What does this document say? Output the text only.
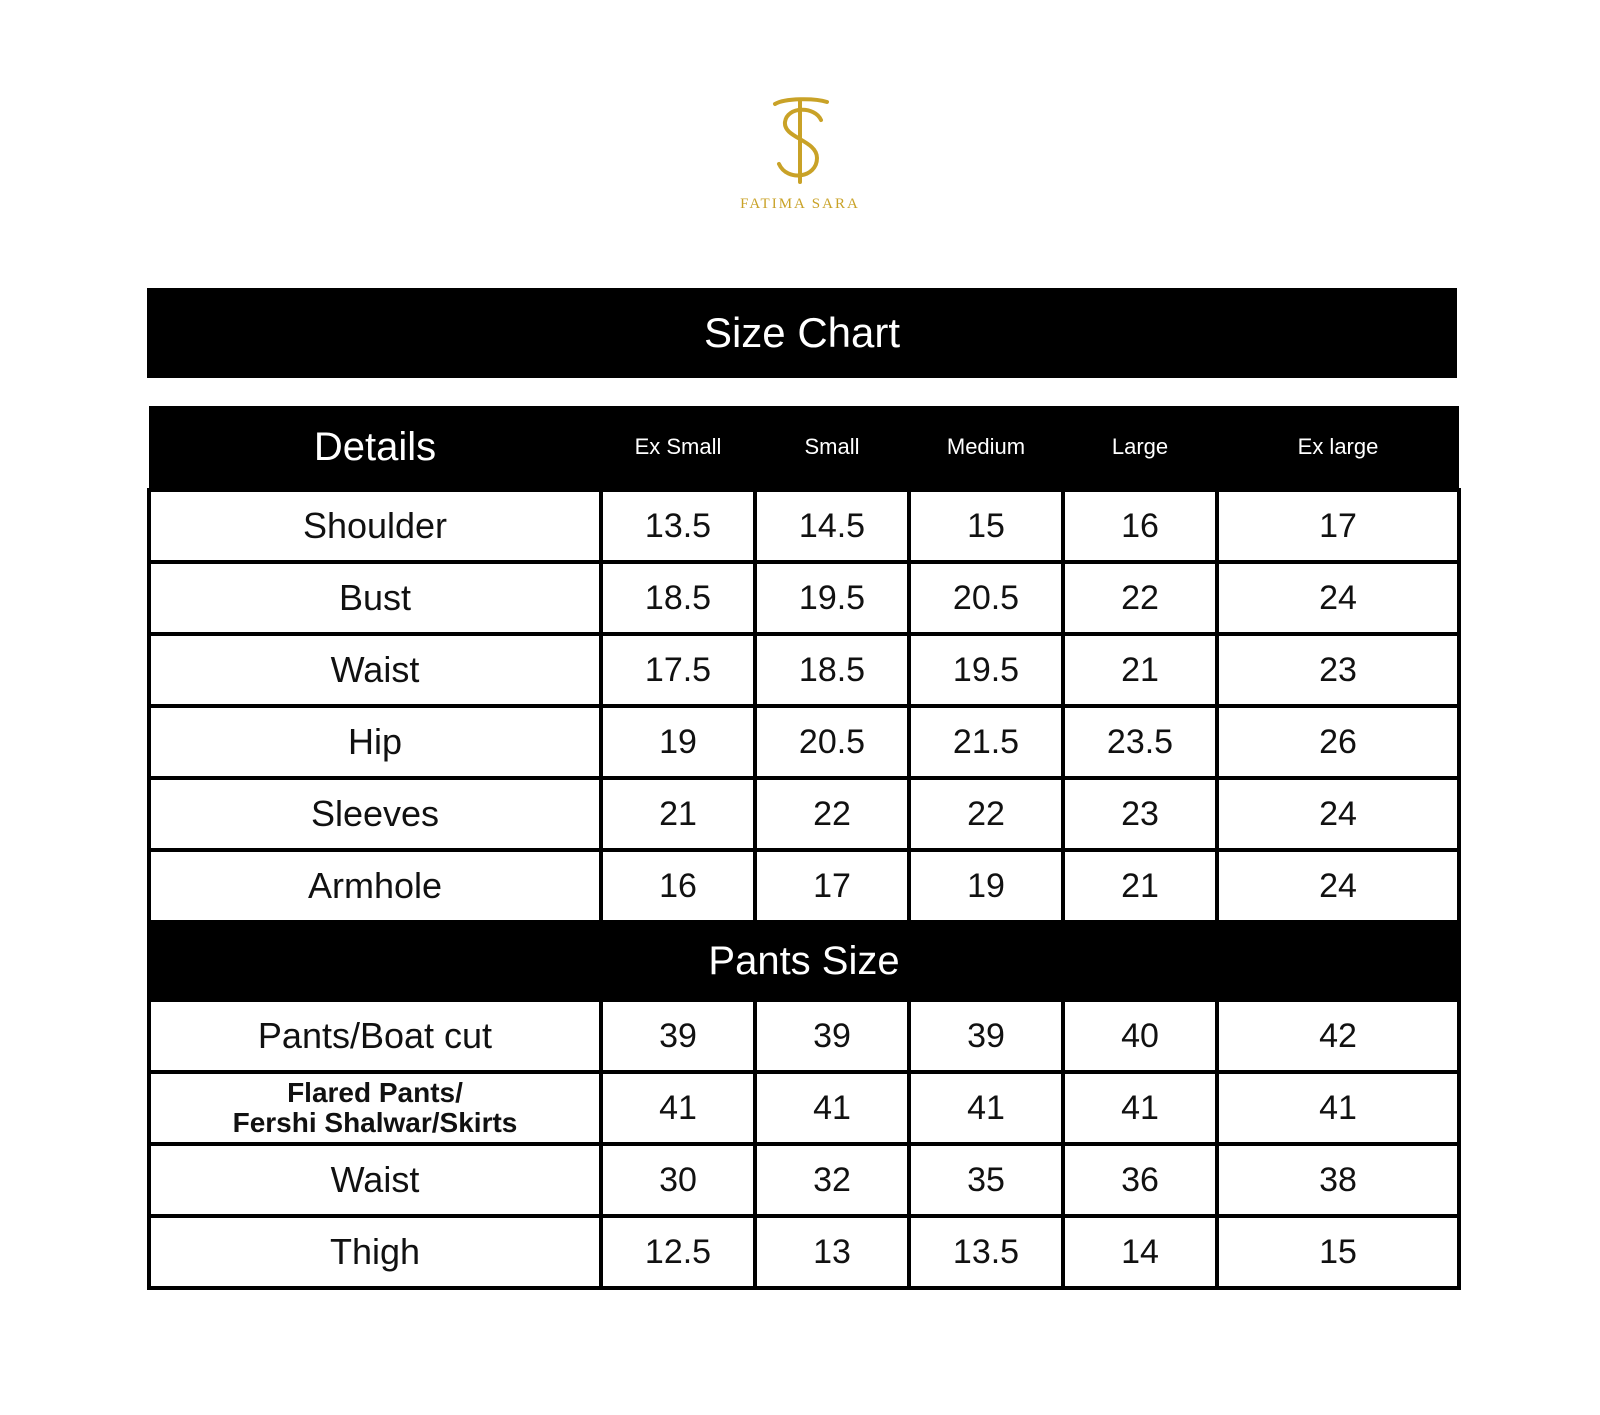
FATIMA SARA
Size Chart
Details	Ex Small	Small	Medium	Large	Ex large
Shoulder	13.5	14.5	15	16	17
Bust	18.5	19.5	20.5	22	24
Waist	17.5	18.5	19.5	21	23
Hip	19	20.5	21.5	23.5	26
Sleeves	21	22	22	23	24
Armhole	16	17	19	21	24
Pants Size					
Pants/Boat cut	39	39	39	40	42

Flared Pants/
Fershi Shalwar/Skirts	41	41	41	41	41
Waist	30	32	35	36	38
Thigh	12.5	13	13.5	14	15
